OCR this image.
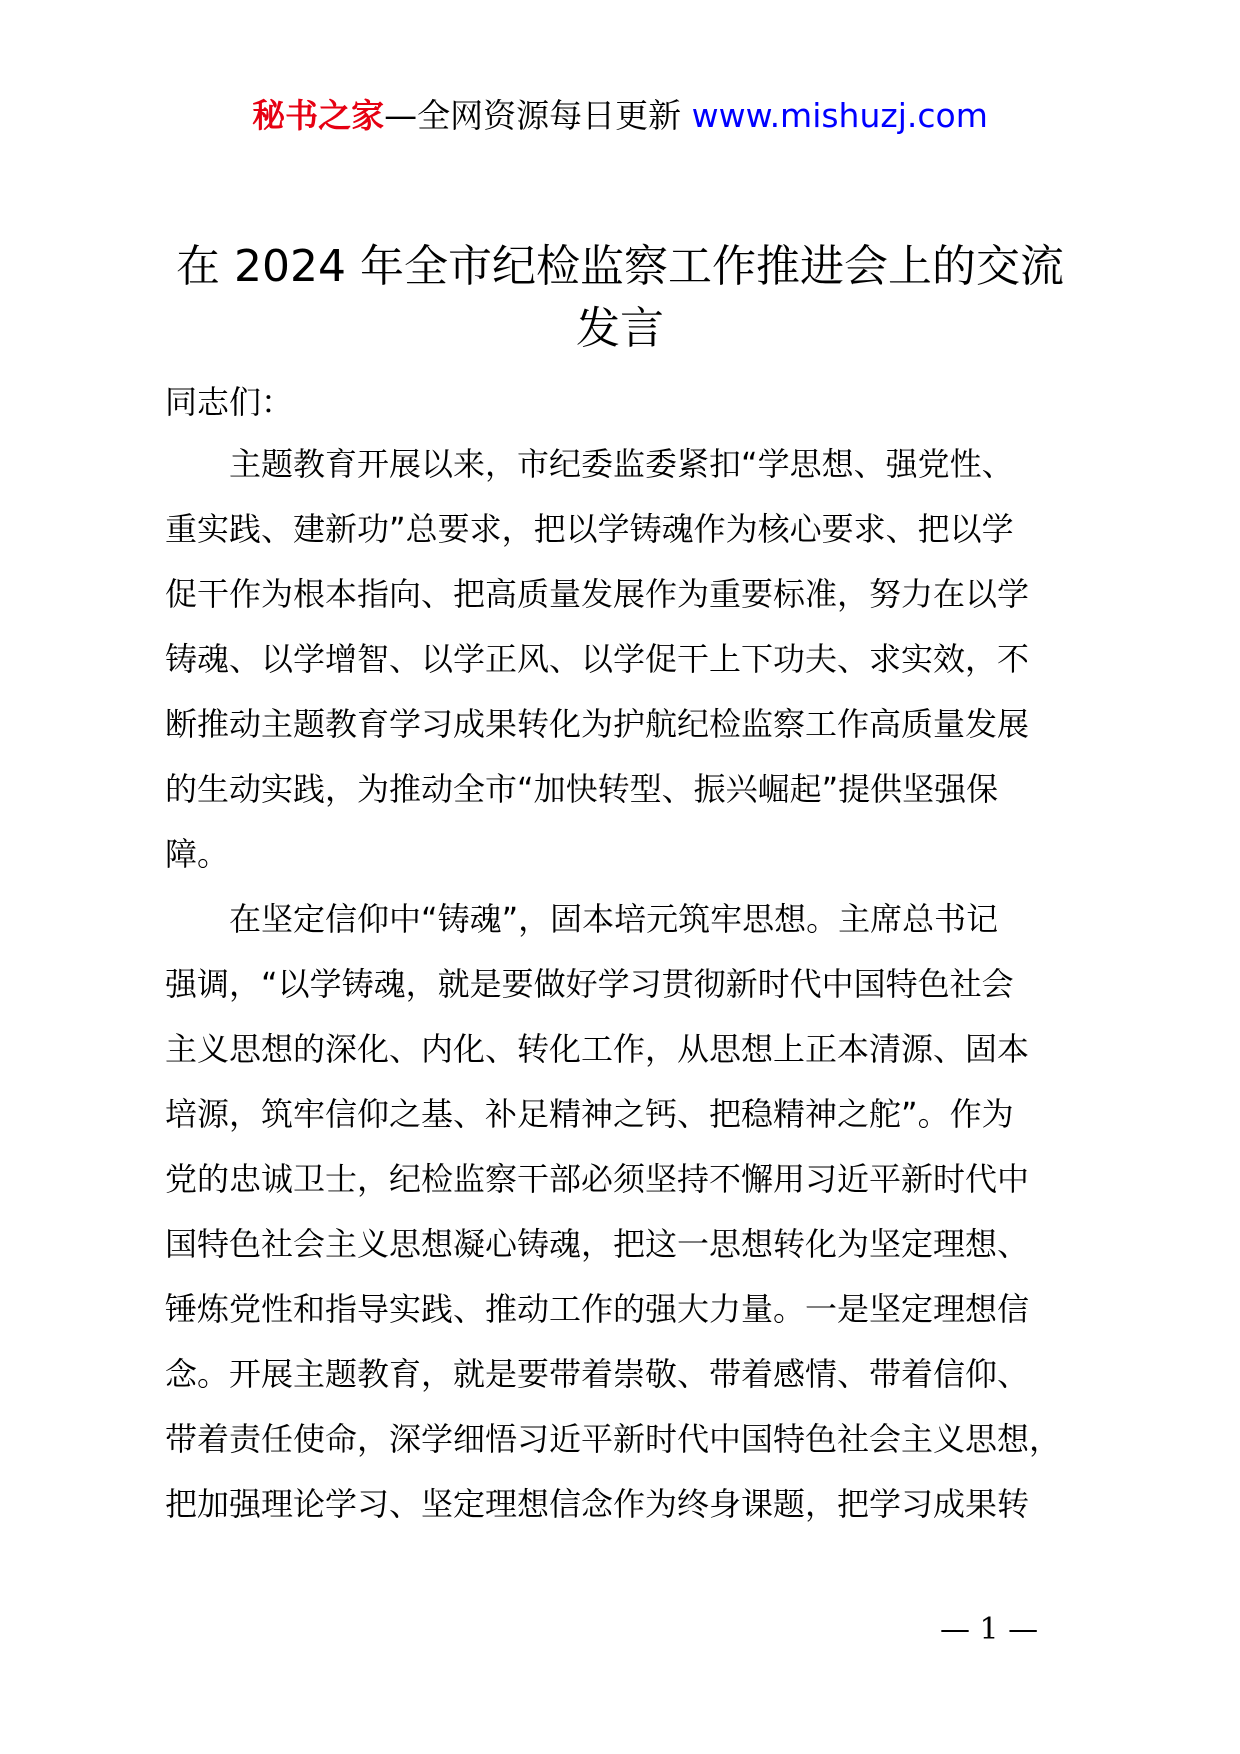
秘书之家—全网资源每日更新 www.mishuzj.com
在 2024 年全市纪检监察工作推进会上的交流
发言
同志们：
主题教育开展以来，市纪委监委紧扣“学思想、强党性、
重实践、建新功”总要求，把以学铸魂作为核心要求、把以学
促干作为根本指向、把高质量发展作为重要标准，努力在以学
铸魂、以学增智、以学正风、以学促干上下功夫、求实效，不
断推动主题教育学习成果转化为护航纪检监察工作高质量发展
的生动实践，为推动全市“加快转型、振兴崛起”提供坚强保
障。
在坚定信仰中“铸魂”，固本培元筑牢思想。主席总书记
强调，“以学铸魂，就是要做好学习贯彻新时代中国特色社会
主义思想的深化、内化、转化工作，从思想上正本清源、固本
培源，筑牢信仰之基、补足精神之钙、把稳精神之舵”。作为
党的忠诚卫士，纪检监察干部必须坚持不懈用习近平新时代中
国特色社会主义思想凝心铸魂，把这一思想转化为坚定理想、
锤炼党性和指导实践、推动工作的强大力量。一是坚定理想信
念。开展主题教育，就是要带着崇敬、带着感情、带着信仰、
带着责任使命，深学细悟习近平新时代中国特色社会主义思想，
把加强理论学习、坚定理想信念作为终身课题，把学习成果转
— 1 —
